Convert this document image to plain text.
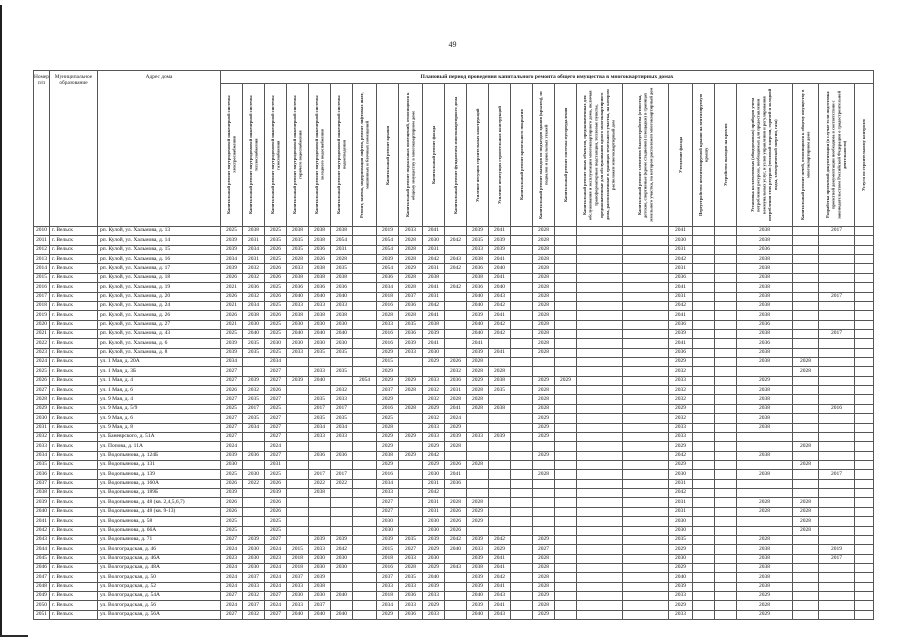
49
Номер п/п	Муниципальное образование	Адрес дома	Плановый период проведения капитального ремонта общего имущества в многоквартирных домах																								

Капитальный ремонт внутридомовой инженерной системы электроснабжения	Капитальный ремонт внутридомовой инженерной системы теплоснабжения	Капитальный ремонт внутридомовой инженерной системы газоснабжения	Капитальный ремонт внутридомовой инженерной системы горячего водоснабжения	Капитальный ремонт внутридомовой инженерной системы холодного водоснабжения	Капитальный ремонт внутридомовой инженерной системы водоотведения	Ремонт, замена, модернизация лифтов, ремонт лифтовых шахт, машинных и блочных помещений	Капитальный ремонт крыши	Капитальный ремонт подвальных помещений, относящихся к общему имуществу в многоквартирном доме	Капитальный ремонт фасада	Капитальный ремонт фундамента многоквартирного дома	Усиление несущих строительных конструкций	Усиление ненесущих строительных конструкций	Капитальный ремонт кровельного покрытия	Капитальный ремонт выходов из подъездов здания (крылец), из подвалов и цокольных этажей	Капитальный ремонт системы мусороудаления	Капитальный ремонт иных объектов, предназначенных для обслуживания и эксплуатации многоквартирного дома, включая трансформаторные подстанции, тепловые пункты, предназначенные для обслуживания одного многоквартирного дома, расположенные в границах земельного участка, на котором расположен многоквартирный дом	Капитальный ремонт элементов благоустройства (отмостка, детские, спортивные (кроме стадионов) площадки) в границах земельного участка, на котором расположен многоквартирный дом	Утепление фасада	Переустройство невентилируемой крыши на вентилируемую крышу	Устройство выходов на кровлю	Установка коллективных (общедомовых) приборов учета потребления ресурсов, необходимых для предоставления коммунальных услуг, и узлов управления и регулирования потребления этих ресурсов (тепловой энергии, горячей и холодной воды, электрической энергии, газа)	Капитальный ремонт печей, относящихся к общему имуществу в многоквартирном доме	Разработка проектной документации (в случае если подготовка проектной документации необходима в соответствии с законодательством Российской Федерации о градостроительной деятельности)	Услуги по строительному контролю

2010	г. Вельск	рп. Кулой, ул. Хальмова, д. 13	2025	2038	2025	2038	2038	2038		2019	2033	2041		2039	2041		2028				2041			2038		2017	
2011	г. Вельск	рп. Кулой, ул. Хальмова, д. 14	2039	2031	2035	2035	2038	2054		2054	2028	2030	2042	2035	2039		2028				2030			2038			
2012	г. Вельск	рп. Кулой, ул. Хальмова, д. 15	2039	2034	2026	2035	2036	2031		2054	2028	2031		2033	2039		2028				2031			2036			
2013	г. Вельск	рп. Кулой, ул. Хальмова, д. 16	2034	2031	2025	2028	2026	2028		2039	2028	2042	2043	2038	2041		2028				2042			2038			
2014	г. Вельск	рп. Кулой, ул. Хальмова, д. 17	2039	2032	2026	2033	2038	2035		2054	2029	2031	2042	2036	2040		2028				2031			2038			
2015	г. Вельск	рп. Кулой, ул. Хальмова, д. 18	2026	2032	2026	2038	2038	2038		2036	2028	2038		2038	2041		2028				2036			2038			
2016	г. Вельск	рп. Кулой, ул. Хальмова, д. 19	2021	2036	2025	2036	2036	2036		2034	2028	2041	2042	2036	2040		2028				2041			2038			
2017	г. Вельск	рп. Кулой, ул. Хальмова, д. 20	2026	2032	2026	2040	2040	2040		2018	2037	2031		2040	2043		2028				2031			2038		2017	
2018	г. Вельск	рп. Кулой, ул. Хальмова, д. 24	2021	2034	2025	2033	2033	2033		2016	2036	2042		2040	2042		2028				2042			2038			
2019	г. Вельск	рп. Кулой, ул. Хальмова, д. 26	2026	2038	2026	2038	2038	2038		2028	2028	2041		2039	2041		2028				2041			2038			
2020	г. Вельск	рп. Кулой, ул. Хальмова, д. 27	2021	2030	2025	2030	2030	2030		2033	2035	2038		2040	2042		2028				2036			2036			
2021	г. Вельск	рп. Кулой, ул. Хальмова, д. 43	2025	2040	2025	2040	2040	2040		2016	2036	2039		2040	2042		2028				2039			2038		2017	
2022	г. Вельск	рп. Кулой, ул. Хальмова, д. 6	2039	2035	2030	2030	2030	2030		2016	2039	2041		2041			2028				2041			2036			
2023	г. Вельск	рп. Кулой, ул. Хальмова, д. 8	2039	2035	2025	2033	2035	2035		2029	2033	2030		2039	2041		2028				2036			2038			
2024	г. Вельск	ул. 1 Мая, д. 20А	2034		2034					2015		2029	2026	2028							2029			2038	2028		
2025	г. Вельск	ул. 1 Мая, д. 3Б	2027		2027		2033	2035		2029			2032	2028	2028						2032				2028		
2026	г. Вельск	ул. 1 Мая, д. 4	2027	2039	2027	2039	2040		2054	2029	2029	2033	2036	2029	2038		2029	2029			2033			2029			
2027	г. Вельск	ул. 1 Мая, д. 6	2026	2032	2026			2032		2037	2028	2032	2031	2028	2035		2028				2032			2038			
2028	г. Вельск	ул. 9 Мая, д. 4	2027	2035	2027		2035	2033		2029		2032	2028	2028			2028				2032			2038			
2029	г. Вельск	ул. 9 Мая, д. 5/9	2025	2017	2025		2017	2017		2016	2028	2029	2041	2028	2038		2028				2029			2038		2016	
2030	г. Вельск	ул. 9 Мая, д. 6	2027	2035	2027		2035	2035		2025		2032	2024				2029				2032			2038			
2031	г. Вельск	ул. 9 Мая, д. 8	2027	2034	2027		2034	2034		2028		2033	2029				2029				2033			2038			
2032	г. Вельск	ул. Баневрского, д. 51А	2027		2027		2033	2033		2029	2029	2033	2039	2033	2039		2029				2033						
2033	г. Вельск	ул. Попова, д. 11А	2024		2024					2029		2029	2028								2029				2028		
2034	г. Вельск	ул. Водопьянова, д. 124Б	2039	2036	2027		2036	2036		2038	2029	2042					2029				2042			2038			
2035	г. Вельск	ул. Водопьянова, д. 131	2030		2031					2029		2029	2026	2028							2029				2028		
2036	г. Вельск	ул. Водопьянова, д. 139	2025	2030	2025		2017	2017		2016		2030	2041				2028				2030			2038		2017	
2037	г. Вельск	ул. Водопьянова, д. 160А	2026	2022	2026		2022	2022		2034		2031	2036								2031						
2038	г. Вельск	ул. Водопьянова, д. 189Б	2039		2039		2038			2033		2042									2042						
2039	г. Вельск	ул. Водопьянова, д. 48 (кв. 2,4,5,6,7)	2026		2026					2027		2031	2028	2028							2031			2028	2028		
2040	г. Вельск	ул. Водопьянова, д. 48 (кв. 9-13)	2026		2026					2027		2031	2026	2029							2031			2028	2028		
2041	г. Вельск	ул. Водопьянова, д. 58	2025		2025					2030		2030	2026	2029							2030				2028		
2042	г. Вельск	ул. Водопьянова, д. 66А	2025		2025					2030		2030	2026								2030				2028		
2043	г. Вельск	ул. Водопьянова, д. 71	2027	2039	2027		2039	2039		2039	2035	2039	2042	2039	2042		2029				2035			2028			
2044	г. Вельск	ул. Волгоградская, д. 46	2024	2030	2024	2015	2033	2042		2015	2027	2029	2040	2033	2029		2027				2029			2038		2019	
2045	г. Вельск	ул. Волгоградская, д. 46А	2023	2030	2023	2018	2030	2030		2018	2033	2030		2039	2041		2028				2030			2038		2017	
2046	г. Вельск	ул. Волгоградская, д. 48А	2024	2030	2024	2018	2030	2030		2016	2028	2029	2043	2038	2041		2028				2029			2038			
2047	г. Вельск	ул. Волгоградская, д. 50	2024	2037	2024	2037	2039			2037	2035	2040		2039	2042		2028				2040			2038			
2048	г. Вельск	ул. Волгоградская, д. 52	2024	2033	2024	2033	2038			2033	2033	2039		2039	2041		2028				2039			2038			
2049	г. Вельск	ул. Волгоградская, д. 54А	2027	2032	2027	2030	2030	2040		2018	2036	2033		2040	2043		2029				2033			2029			
2050	г. Вельск	ул. Волгоградская, д. 56	2024	2037	2024	2033	2037			2034	2033	2029		2039	2041		2028				2029			2028			
2051	г. Вельск	ул. Волгоградская, д. 56А	2027	2032	2027	2040	2040	2040		2029	2036	2033		2040	2043		2029				2033			2029			
